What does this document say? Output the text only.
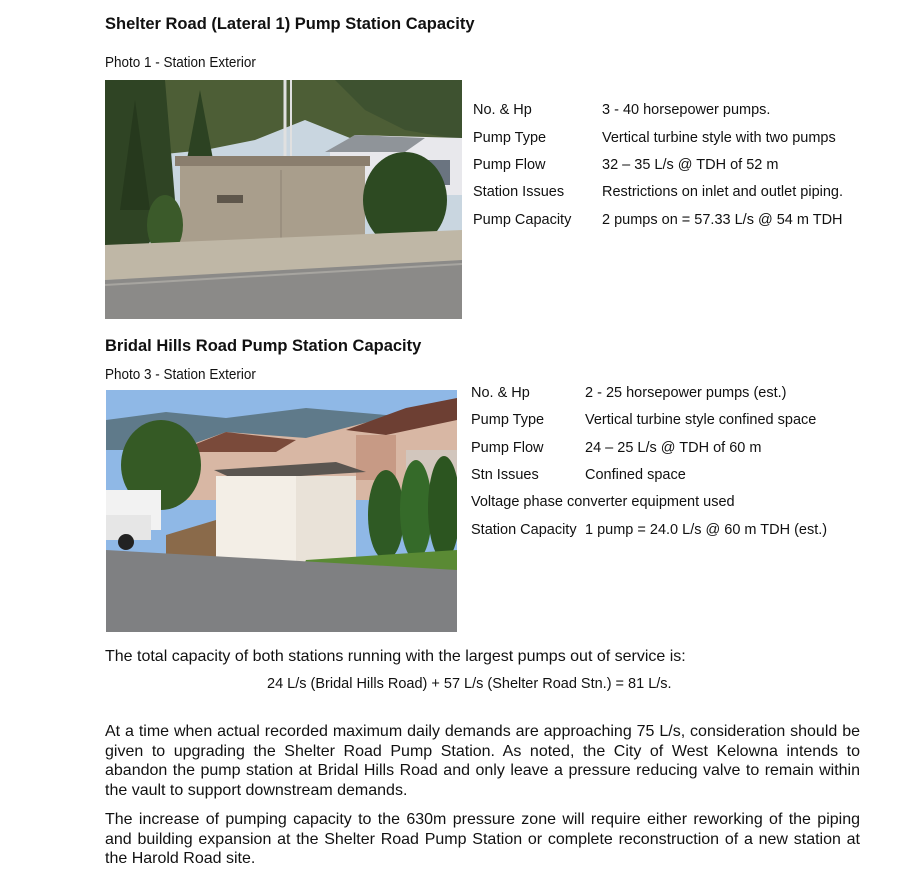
Shelter Road (Lateral 1) Pump Station Capacity
Photo 1 - Station Exterior
No. & Hp	3 - 40 horsepower pumps.
Pump Type	Vertical turbine style with two pumps
Pump Flow	32 – 35 L/s @ TDH of 52 m
Station Issues	Restrictions on inlet and outlet piping.
Pump Capacity 2 pumps on = 57.33 L/s @ 54 m TDH
Bridal Hills Road Pump Station Capacity
Photo 3 - Station Exterior
No. & Hp	2 - 25 horsepower pumps (est.)
Pump Type	Vertical turbine style confined space
Pump Flow	24 – 25 L/s @ TDH of 60 m
Stn Issues	Confined space
Voltage phase converter equipment used
Station Capacity 1 pump = 24.0 L/s @ 60 m TDH (est.)
The total capacity of both stations running with the largest pumps out of service is:
24 L/s (Bridal Hills Road) + 57 L/s (Shelter Road Stn.) = 81 L/s.
At a time when actual recorded maximum daily demands are approaching 75 L/s, consideration should be given to upgrading the Shelter Road Pump Station. As noted, the City of West Kelowna intends to abandon the pump station at Bridal Hills Road and only leave a pressure reducing valve to remain within the vault to support downstream demands.
The increase of pumping capacity to the 630m pressure zone will require either reworking of the piping and building expansion at the Shelter Road Pump Station or complete reconstruction of a new station at the Harold Road site.
